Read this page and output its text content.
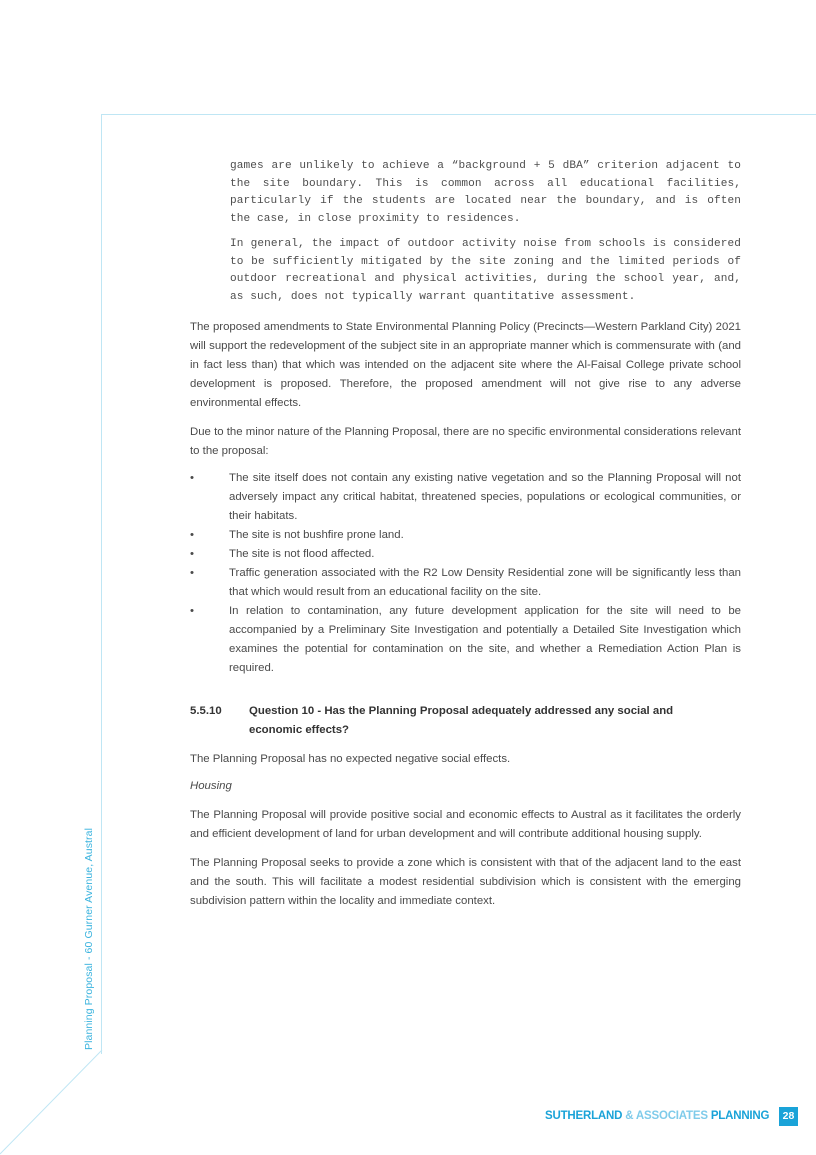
Planning Proposal - 60 Gurner Avenue, Austral

games are unlikely to achieve a “background + 5 dBA” criterion adjacent to the site boundary. This is common across all educational facilities, particularly if the students are located near the boundary, and is often the case, in close proximity to residences.

In general, the impact of outdoor activity noise from schools is considered to be sufficiently mitigated by the site zoning and the limited periods of outdoor recreational and physical activities, during the school year, and, as such, does not typically warrant quantitative assessment.

The proposed amendments to State Environmental Planning Policy (Precincts—Western Parkland City) 2021 will support the redevelopment of the subject site in an appropriate manner which is commensurate with (and in fact less than) that which was intended on the adjacent site where the Al-Faisal College private school development is proposed. Therefore, the proposed amendment will not give rise to any adverse environmental effects.

Due to the minor nature of the Planning Proposal, there are no specific environmental considerations relevant to the proposal:

•	The site itself does not contain any existing native vegetation and so the Planning Proposal will not adversely impact any critical habitat, threatened species, populations or ecological communities, or their habitats.
•	The site is not bushfire prone land.
•	The site is not flood affected.
•	Traffic generation associated with the R2 Low Density Residential zone will be significantly less than that which would result from an educational facility on the site.
•	In relation to contamination, any future development application for the site will need to be accompanied by a Preliminary Site Investigation and potentially a Detailed Site Investigation which examines the potential for contamination on the site, and whether a Remediation Action Plan is required.
5.5.10	Question 10 - Has the Planning Proposal adequately addressed any social and economic effects?

The Planning Proposal has no expected negative social effects.

Housing

The Planning Proposal will provide positive social and economic effects to Austral as it facilitates the orderly and efficient development of land for urban development and will contribute additional housing supply.

The Planning Proposal seeks to provide a zone which is consistent with that of the adjacent land to the east and the south. This will facilitate a modest residential subdivision which is consistent with the emerging subdivision pattern within the locality and immediate context.

SUTHERLAND & ASSOCIATES PLANNING	28
